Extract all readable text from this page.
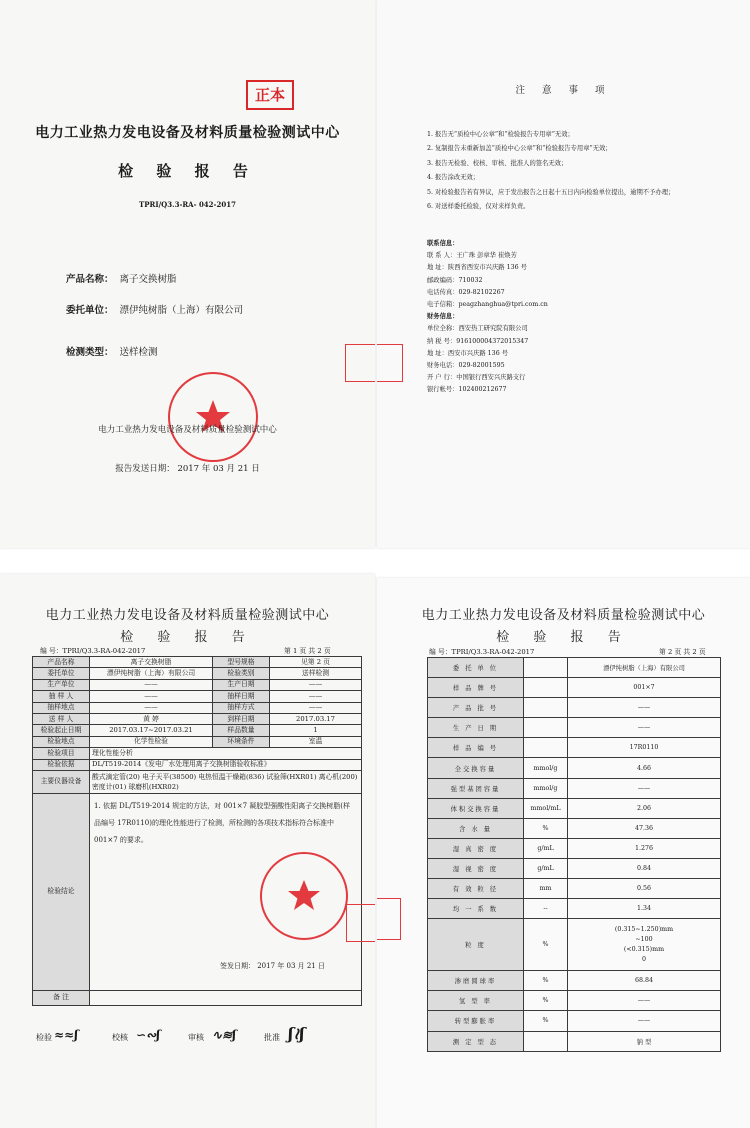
正本
电力工业热力发电设备及材料质量检验测试中心
检 验 报 告
TPRI/Q3.3-RA- 042-2017
产品名称： 离子交换树脂
委托单位： 漂伊纯树脂（上海）有限公司
检测类型： 送样检测
电力工业热力发电设备及材料质量检验测试中心
报告发送日期： 2017 年 03 月 21 日
注 意 事 项
1. 报告无“质检中心公章”和“检验报告专用章”无效；
2. 复制报告未重新加盖“质检中心公章”和“检验报告专用章”无效；
3. 报告无检验、校核、审核、批准人的签名无效；
4. 报告涂改无效；
5. 对检验报告若有异议，应于发出报告之日起十五日内向检验单位提出，逾期不予办理；
6. 对送样委托检验，仅对来样负责。
联系信息：
联 系 人：王广珠 彭章华 崔焕芳
地 址：陕西省西安市兴庆路 136 号
邮政编码：710032
电话传真：029-82102267
电子信箱：peagzhanghua@tpri.com.cn
财务信息：
单位全称：西安热工研究院有限公司
纳 税 号：916100004372015347
地 址：西安市兴庆路 136 号
财务电话：029-82001595
开 户 行：中国银行西安兴庆路支行
银行帐号：102400212677
电力工业热力发电设备及材料质量检验测试中心
检 验 报 告
编 号：TPRI/Q3.3-RA-042-2017	第 1 页 共 2 页
产品名称	离子交换树脂	型号规格	见第 2 页
委托单位	漂伊纯树脂（上海）有限公司	检验类别	送样检测
生产单位	——	生产日期	——
抽 样 人	——	抽样日期	——
抽样地点	——	抽样方式	——
送 样 人	黄 婷	到样日期	2017.03.17
检验起止日期	2017.03.17~2017.03.21	样品数量	1
检验地点	化学性检验	环境条件	室温
检验项目	理化性能分析		
检验依据	DL/T519-2014《发电厂水处理用离子交换树脂验收标准》		
主要仪器设备	酸式滴定管(20) 电子天平(38500) 电热恒温干燥箱(836) 试验筛(HXR01) 离心机(200) 密度计(01) 球磨机(HXR02)		
检验结论	1. 依据 DL/T519-2014 规定的方法，对 001×7 凝胶型强酸性阳离子交换树脂(样品编号 17R0110)的理化性能进行了检测，所检测的各项技术指标符合标准中 001×7 的要求。
签发日期： 2017 年 03 月 21 日		

备 注			
检验 ≈≈ʃ	校核 ∽∾ʃ	审核 ∿≋ʃ	批准 ʃ≀ʃ
电力工业热力发电设备及材料质量检验测试中心
检 验 报 告
编 号：TPRI/Q3.3-RA-042-2017	第 2 页 共 2 页
委 托 单 位		漂伊纯树脂（上海）有限公司
样 品 牌 号		001×7
产 品 批 号		——
生 产 日 期		——
样 品 编 号		17R0110
全交换容量	mmol/g	4.66
强型基团容量	mmol/g	——
体积交换容量	mmol/mL	2.06
含 水 量	%	47.36
湿 真 密 度	g/mL	1.276
湿 视 密 度	g/mL	0.84
有 效 粒 径	mm	0.56
均 一 系 数	--	1.34
粒 度	%	(0.315~1.250)mm
~100
(<0.315)mm
0

渗磨圆球率	%	68.84
氢 型 率	%	——
转型膨胀率	%	——
测 定 型 态		钠 型
